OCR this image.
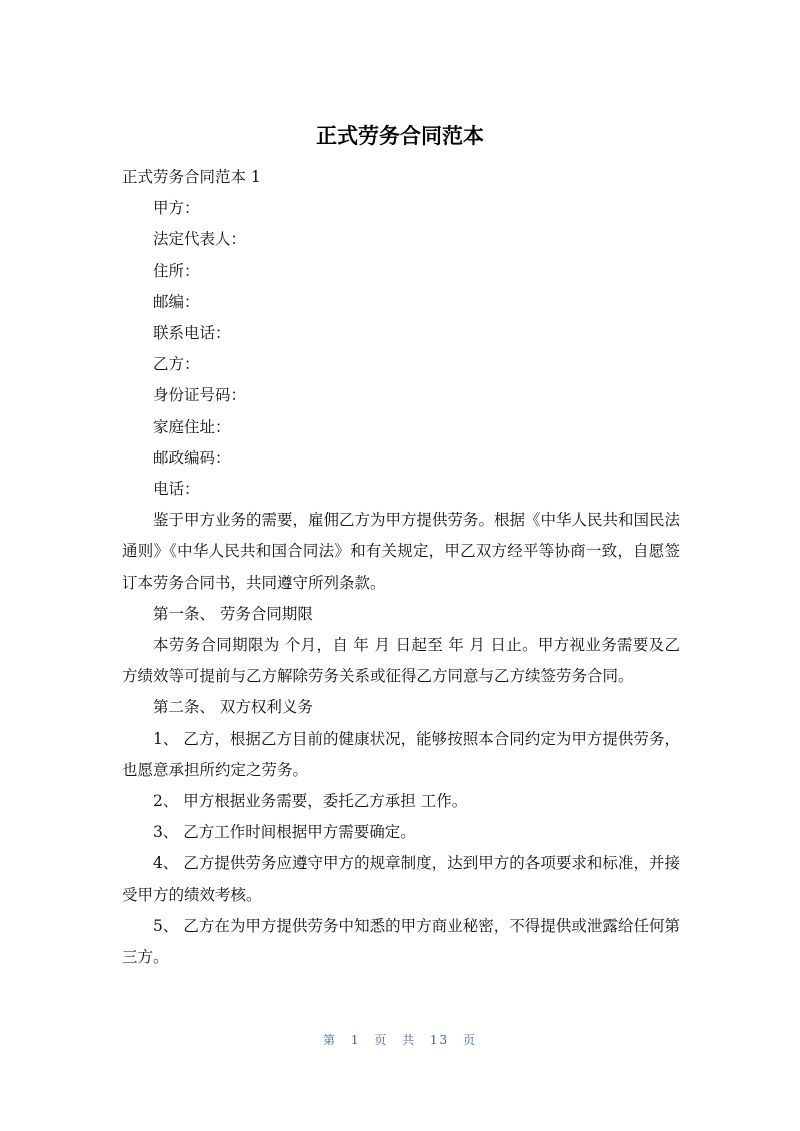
正式劳务合同范本

正式劳务合同范本 1

甲方：

法定代表人：

住所：

邮编：

联系电话：

乙方：

身份证号码：

家庭住址：

邮政编码：

电话：

鉴于甲方业务的需要，雇佣乙方为甲方提供劳务。根据《中华人民共和国民法通则》《中华人民共和国合同法》和有关规定，甲乙双方经平等协商一致，自愿签订本劳务合同书，共同遵守所列条款。

第一条、 劳务合同期限

本劳务合同期限为 个月，自 年 月 日起至 年 月 日止。甲方视业务需要及乙方绩效等可提前与乙方解除劳务关系或征得乙方同意与乙方续签劳务合同。

第二条、 双方权利义务

1、 乙方，根据乙方目前的健康状况，能够按照本合同约定为甲方提供劳务，也愿意承担所约定之劳务。

2、 甲方根据业务需要，委托乙方承担 工作。

3、 乙方工作时间根据甲方需要确定。

4、 乙方提供劳务应遵守甲方的规章制度，达到甲方的各项要求和标准，并接受甲方的绩效考核。

5、 乙方在为甲方提供劳务中知悉的甲方商业秘密，不得提供或泄露给任何第三方。

第 1 页 共 13 页
